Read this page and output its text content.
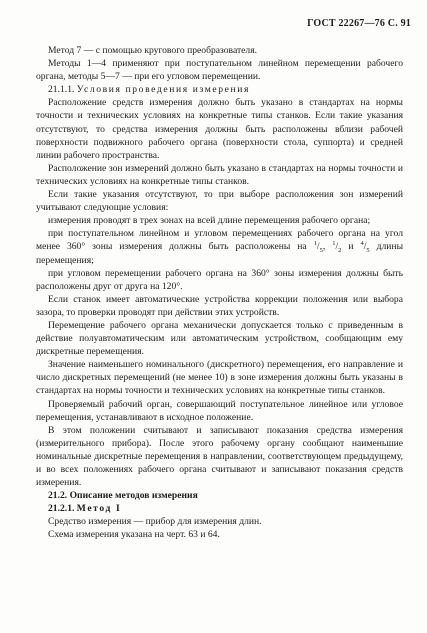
ГОСТ 22267—76 С. 91

Метод 7 — с помощью кругового преобразователя.

Методы 1—4 применяют при поступательном линейном перемещении рабочего органа, методы 5—7 — при его угловом перемещении.

21.1.1. Условия проведения измерения

Расположение средств измерения должно быть указано в стандартах на нормы точности и технических условиях на конкретные типы станков. Если такие указания отсутствуют, то средства измерения должны быть расположены вблизи рабочей поверхности подвижного рабочего органа (поверхности стола, суппорта) и средней линии рабочего пространства.

Расположение зон измерений должно быть указано в стандартах на нормы точности и технических условиях на конкретные типы станков.

Если такие указания отсутствуют, то при выборе расположения зон измерений учитывают следующие условия:

измерения проводят в трех зонах на всей длине перемещения рабочего органа;

при поступательном линейном и угловом перемещениях рабочего органа на угол менее 360° зоны измерения должны быть расположены на $^1/_5$, $^1/_2$ и $^4/_5$ длины перемещения;

при угловом перемещении рабочего органа на 360° зоны измерения должны быть расположены друг от друга на 120°.

Если станок имеет автоматические устройства коррекции положения или выбора зазора, то проверки проводят при действии этих устройств.

Перемещение рабочего органа механически допускается только с приведенным в действие полуавтоматическим или автоматическим устройством, сообщающим ему дискретные перемещения.

Значение наименьшего номинального (дискретного) перемещения, его направление и число дискретных перемещений (не менее 10) в зоне измерения должны быть указаны в стандартах на нормы точности и технических условиях на конкретные типы станков.

Проверяемый рабочий орган, совершающий поступательное линейное или угловое перемещения, устанавливают в исходное положение.

В этом положении считывают и записывают показания средства измерения (измерительного прибора). После этого рабочему органу сообщают наименьшие номинальные дискретные перемещения в направлении, соответствующем предыдущему, и во всех положениях рабочего органа считывают и записывают показания средств измерения.

21.2. Описание методов измерения

21.2.1. Метод I

Средство измерения — прибор для измерения длин.

Схема измерения указана на черт. 63 и 64.
